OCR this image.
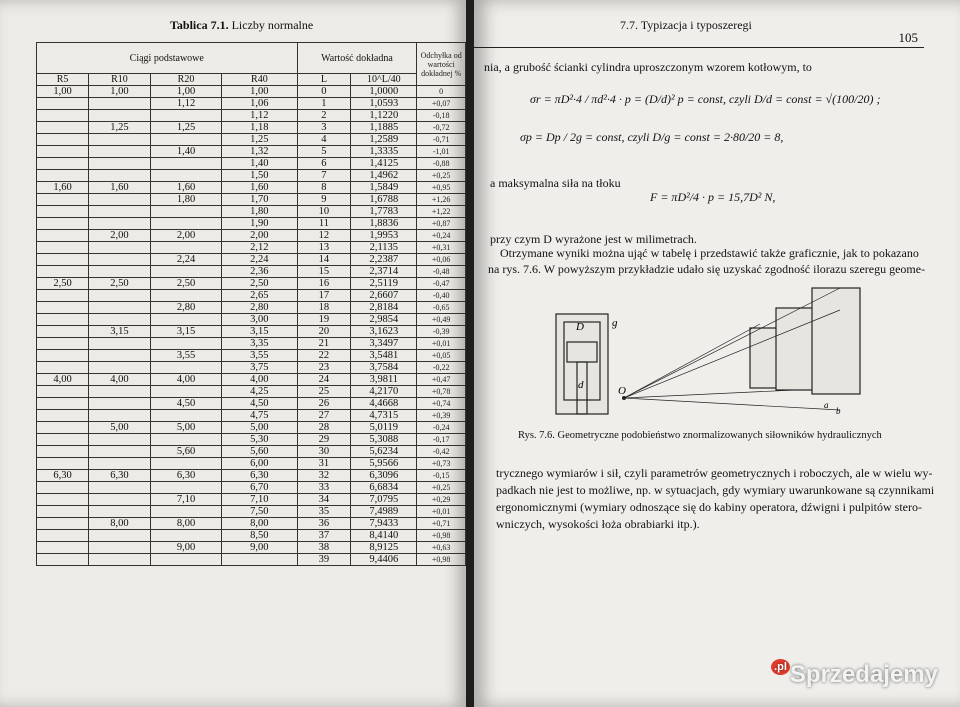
Tablica 7.1. Liczby normalne
Ciągi podstawowe				Wartość dokładna		Odchyłka od wartości dokładnej %
R5	R10	R20	R40	L	10^L/40	
1,00	1,00	1,00	1,00	0	1,0000	0
		1,12	1,06	1	1,0593	+0,07
			1,12	2	1,1220	-0,18
	1,25	1,25	1,18	3	1,1885	-0,72
			1,25	4	1,2589	-0,71
		1,40	1,32	5	1,3335	-1,01
			1,40	6	1,4125	-0,88
			1,50	7	1,4962	+0,25
1,60	1,60	1,60	1,60	8	1,5849	+0,95
		1,80	1,70	9	1,6788	+1,26
			1,80	10	1,7783	+1,22
			1,90	11	1,8836	+0,87
	2,00	2,00	2,00	12	1,9953	+0,24
			2,12	13	2,1135	+0,31
		2,24	2,24	14	2,2387	+0,06
			2,36	15	2,3714	-0,48
2,50	2,50	2,50	2,50	16	2,5119	-0,47
			2,65	17	2,6607	-0,40
		2,80	2,80	18	2,8184	-0,65
			3,00	19	2,9854	+0,49
	3,15	3,15	3,15	20	3,1623	-0,39
			3,35	21	3,3497	+0,01
		3,55	3,55	22	3,5481	+0,05
			3,75	23	3,7584	-0,22
4,00	4,00	4,00	4,00	24	3,9811	+0,47
			4,25	25	4,2170	+0,78
		4,50	4,50	26	4,4668	+0,74
			4,75	27	4,7315	+0,39
	5,00	5,00	5,00	28	5,0119	-0,24
			5,30	29	5,3088	-0,17
		5,60	5,60	30	5,6234	-0,42
			6,00	31	5,9566	+0,73
6,30	6,30	6,30	6,30	32	6,3096	-0,15
			6,70	33	6,6834	+0,25
		7,10	7,10	34	7,0795	+0,29
			7,50	35	7,4989	+0,01
	8,00	8,00	8,00	36	7,9433	+0,71
			8,50	37	8,4140	+0,98
		9,00	9,00	38	8,9125	+0,63
				39	9,4406	+0,98
7.7. Typizacja i typoszeregi
105
nia, a grubość ścianki cylindra uproszczonym wzorem kotłowym, to
σr = πD²·4 / πd²·4 · p = (D/d)² p = const, czyli D/d = const = √(100/20) ;
σp = Dp / 2g = const, czyli D/g = const = 2·80/20 = 8,
a maksymalna siła na tłoku
F = πD²/4 · p = 15,7D² N,
przy czym D wyrażone jest w milimetrach.
Otrzymane wyniki można ująć w tabelę i przedstawić także graficznie, jak to pokazano
na rys. 7.6. W powyższym przykładzie udało się uzyskać zgodność ilorazu szeregu geome-
D	g
d	O
a
b
Rys. 7.6. Geometryczne podobieństwo znormalizowanych siłowników hydraulicznych
trycznego wymiarów i sił, czyli parametrów geometrycznych i roboczych, ale w wielu wy-
padkach nie jest to możliwe, np. w sytuacjach, gdy wymiary uwarunkowane są czynnikami
ergonomicznymi (wymiary odnoszące się do kabiny operatora, dźwigni i pulpitów stero-
wniczych, wysokości łoża obrabiarki itp.).
$^{.pl}$ Sprzedajemy
